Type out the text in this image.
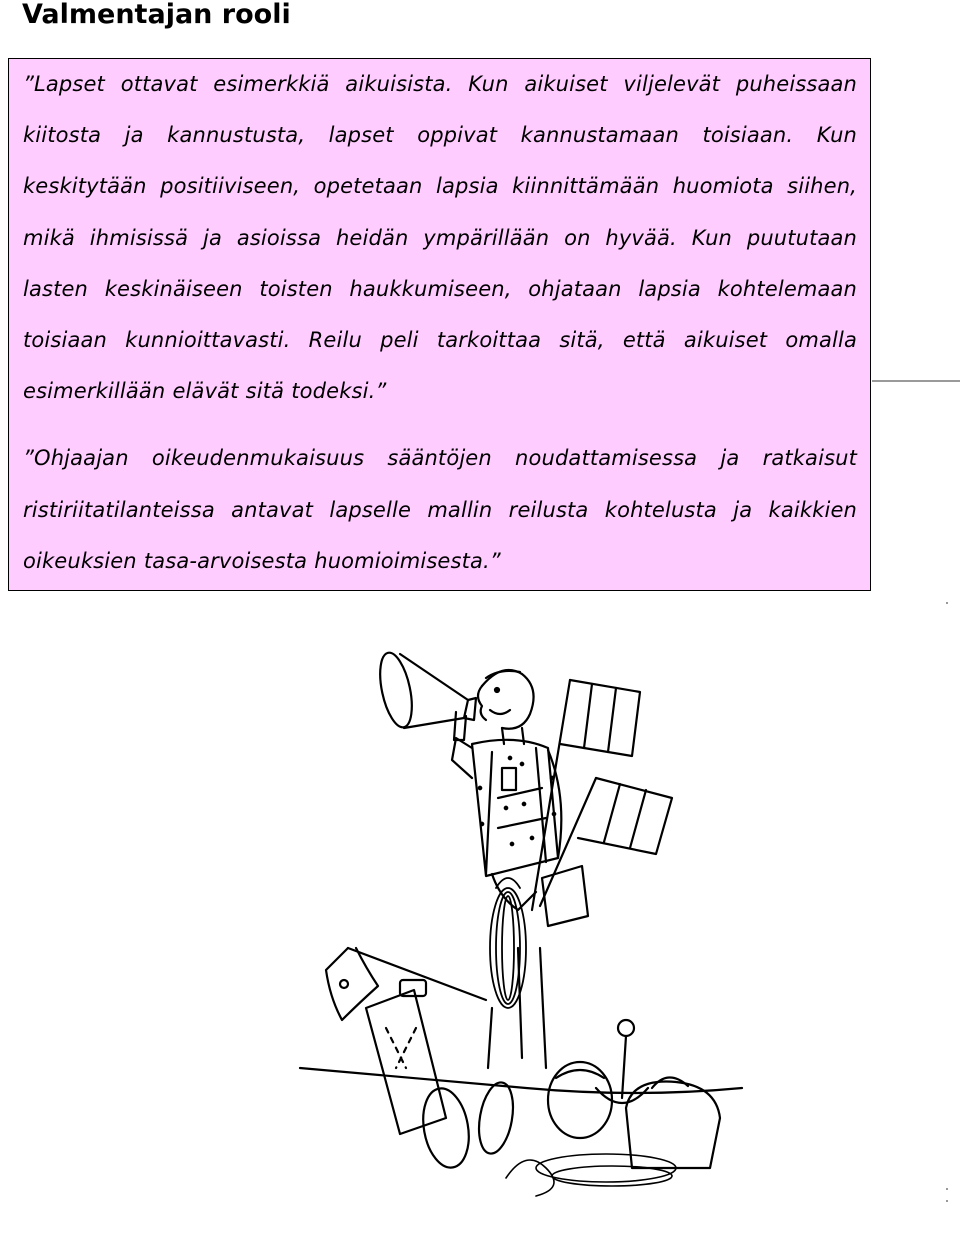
Valmentajan rooli

”Lapset ottavat esimerkkiä aikuisista. Kun aikuiset viljelevät puheissaan kiitosta ja kannustusta, lapset oppivat kannustamaan toisiaan. Kun keskitytään positiiviseen, opetetaan lapsia kiinnittämään huomiota siihen, mikä ihmisissä ja asioissa heidän ympärillään on hyvää. Kun puututaan lasten keskinäiseen toisten haukkumiseen, ohjataan lapsia kohtelemaan toisiaan kunnioittavasti. Reilu peli tarkoittaa sitä, että aikuiset omalla esimerkillään elävät sitä todeksi.”

”Ohjaajan oikeudenmukaisuus sääntöjen noudattamisessa ja ratkaisut ristiriitatilanteissa antavat lapselle mallin reilusta kohtelusta ja kaikkien oikeuksien tasa-arvoisesta huomioimisesta.”
